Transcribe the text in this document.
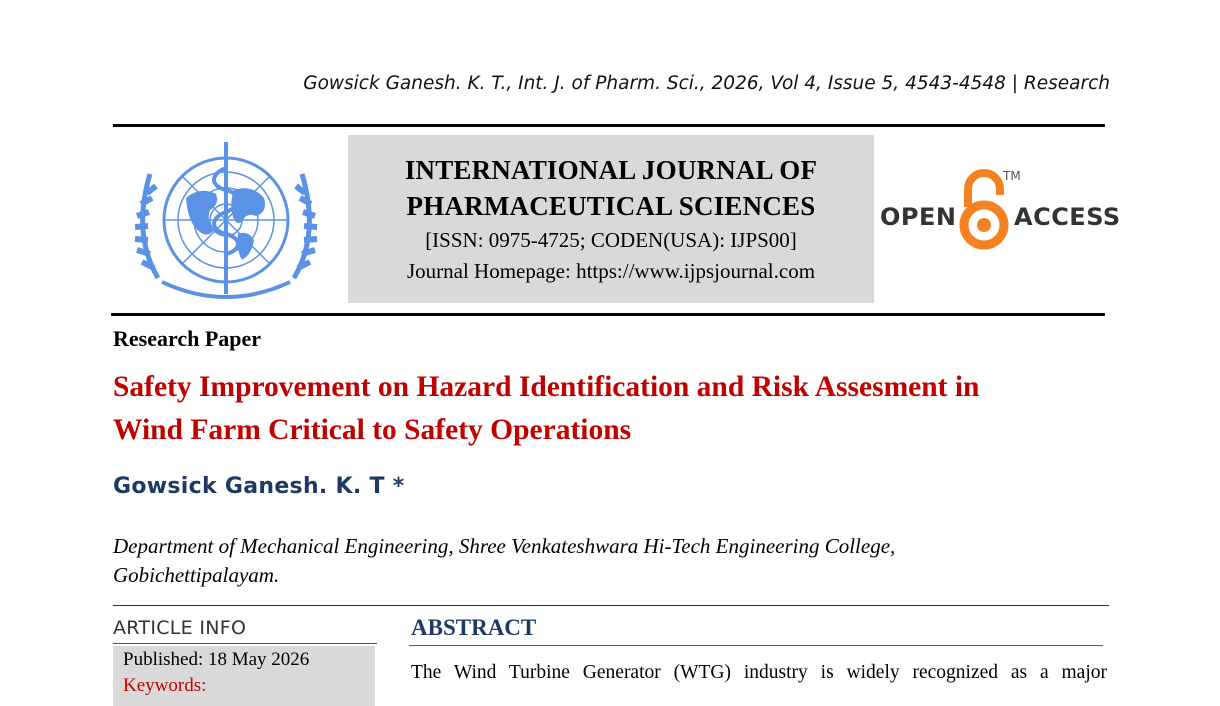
Gowsick Ganesh. K. T., Int. J. of Pharm. Sci., 2026, Vol 4, Issue 5, 4543-4548 | Research
INTERNATIONAL JOURNAL OF
PHARMACEUTICAL SCIENCES
[ISSN: 0975-4725; CODEN(USA): IJPS00]
Journal Homepage: https://www.ijpsjournal.com
OPEN
TM
ACCESS
Research Paper
Safety Improvement on Hazard Identification and Risk Assesment in
Wind Farm Critical to Safety Operations
Gowsick Ganesh. K. T *
Department of Mechanical Engineering, Shree Venkateshwara Hi-Tech Engineering College,
Gobichettipalayam.
ARTICLE INFO
Published: 18 May 2026
Keywords:
ABSTRACT
The Wind Turbine Generator (WTG) industry is widely recognized as a major
